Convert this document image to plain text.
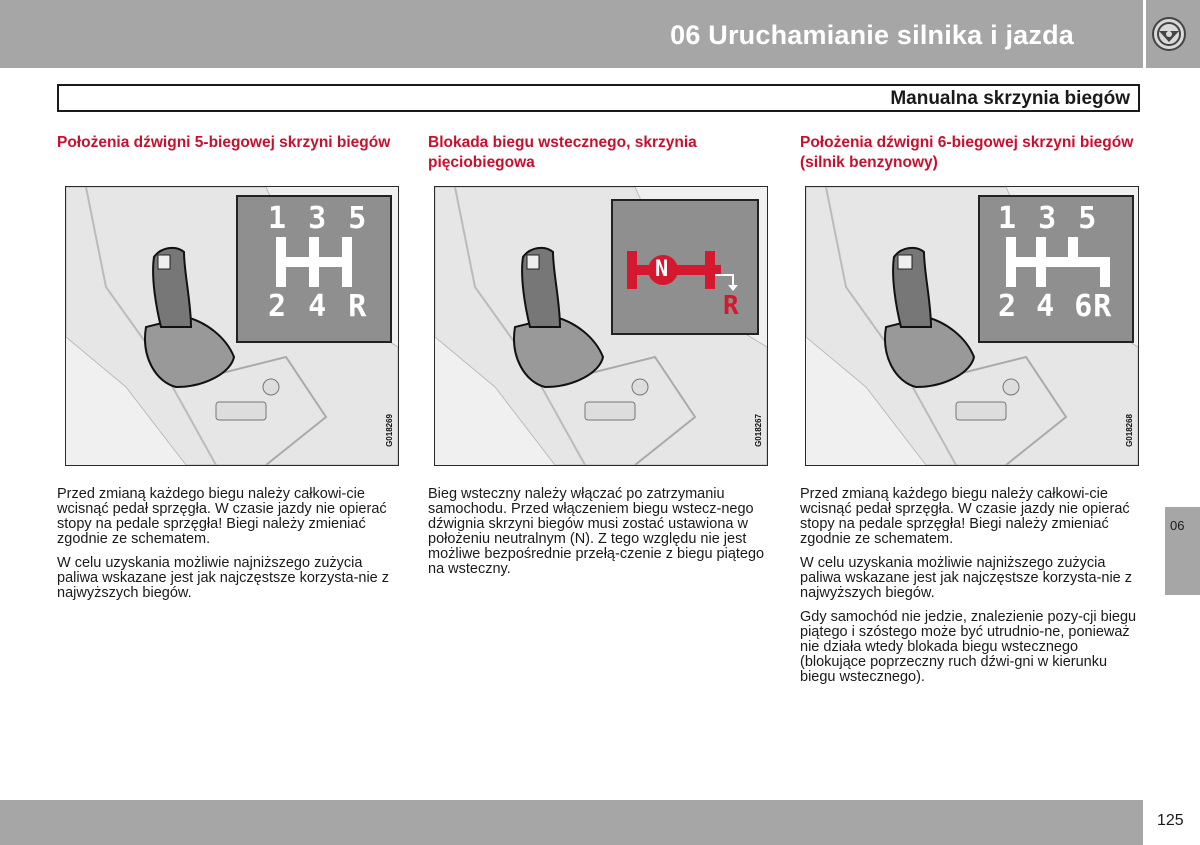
06 Uruchamianie silnika i jazda
Manualna skrzynia biegów
Położenia dźwigni 5-biegowej skrzyni biegów
1 3 5
2 4 R
G018269

Przed zmianą każdego biegu należy całkowi-cie wcisnąć pedał sprzęgła. W czasie jazdy nie opierać stopy na pedale sprzęgła! Biegi należy zmieniać zgodnie ze schematem.

W celu uzyskania możliwie najniższego zużycia paliwa wskazane jest jak najczęstsze korzysta-nie z najwyższych biegów.

Blokada biegu wstecznego, skrzynia pięciobiegowa
N
R
G018267

Bieg wsteczny należy włączać po zatrzymaniu samochodu. Przed włączeniem biegu wstecz-nego dźwignia skrzyni biegów musi zostać ustawiona w położeniu neutralnym (N). Z tego względu nie jest możliwe bezpośrednie przełą-czenie z biegu piątego na wsteczny.

Położenia dźwigni 6-biegowej skrzyni biegów (silnik benzynowy)
1 3 5
2 4 6R
G018268

Przed zmianą każdego biegu należy całkowi-cie wcisnąć pedał sprzęgła. W czasie jazdy nie opierać stopy na pedale sprzęgła! Biegi należy zmieniać zgodnie ze schematem.

W celu uzyskania możliwie najniższego zużycia paliwa wskazane jest jak najczęstsze korzysta-nie z najwyższych biegów.

Gdy samochód nie jedzie, znalezienie pozy-cji biegu piątego i szóstego może być utrudnio-ne, ponieważ nie działa wtedy blokada biegu wstecznego (blokujące poprzeczny ruch dźwi-gni w kierunku biegu wstecznego).

06
125
